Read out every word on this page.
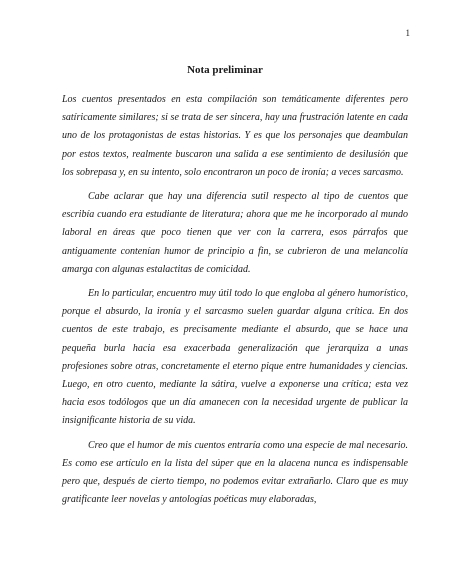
1
Nota preliminar

Los cuentos presentados en esta compilación son temáticamente diferentes pero satíricamente similares; si se trata de ser sincera, hay una frustración latente en cada uno de los protagonistas de estas historias. Y es que los personajes que deambulan por estos textos, realmente buscaron una salida a ese sentimiento de desilusión que los sobrepasa y, en su intento, solo encontraron un poco de ironía; a veces sarcasmo.

Cabe aclarar que hay una diferencia sutil respecto al tipo de cuentos que escribía cuando era estudiante de literatura; ahora que me he incorporado al mundo laboral en áreas que poco tienen que ver con la carrera, esos párrafos que antiguamente contenían humor de principio a fin, se cubrieron de una melancolía amarga con algunas estalactitas de comicidad.

En lo particular, encuentro muy útil todo lo que engloba al género humorístico, porque el absurdo, la ironía y el sarcasmo suelen guardar alguna crítica. En dos cuentos de este trabajo, es precisamente mediante el absurdo, que se hace una pequeña burla hacia esa exacerbada generalización que jerarquiza a unas profesiones sobre otras, concretamente el eterno pique entre humanidades y ciencias. Luego, en otro cuento, mediante la sátira, vuelve a exponerse una crítica; esta vez hacia esos todólogos que un día amanecen con la necesidad urgente de publicar la insignificante historia de su vida.

Creo que el humor de mis cuentos entraría como una especie de mal necesario. Es como ese artículo en la lista del súper que en la alacena nunca es indispensable pero que, después de cierto tiempo, no podemos evitar extrañarlo. Claro que es muy gratificante leer novelas y antologías poéticas muy elaboradas,
